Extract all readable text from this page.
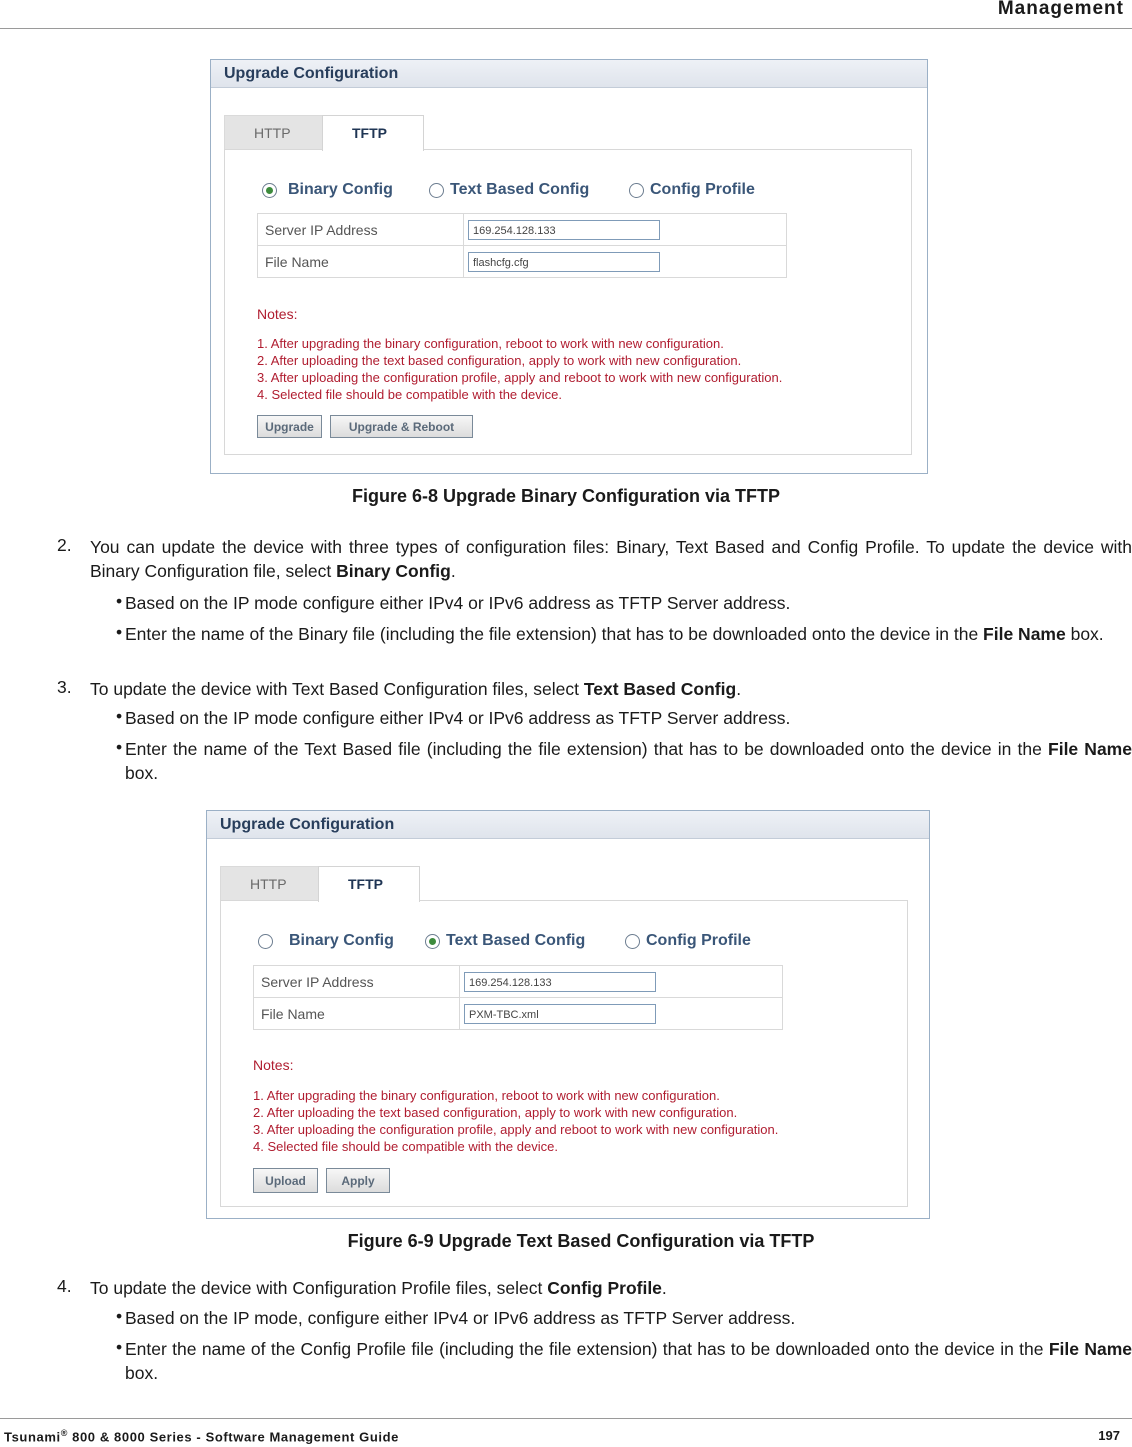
Management
Upgrade Configuration
HTTP	TFTP
Binary Config	Text Based Config	Config Profile
Server IP Address	169.254.128.133

File Name	flashcfg.cfg
Notes:
1. After upgrading the binary configuration, reboot to work with new configuration.
2. After uploading the text based configuration, apply to work with new configuration.
3. After uploading the configuration profile, apply and reboot to work with new configuration.
4. Selected file should be compatible with the device.
Upgrade	Upgrade & Reboot
Figure 6-8 Upgrade Binary Configuration via TFTP
2. You can update the device with three types of configuration files: Binary, Text Based and Config Profile. To update the device with Binary Configuration file, select Binary Config.
• Based on the IP mode configure either IPv4 or IPv6 address as TFTP Server address.
• Enter the name of the Binary file (including the file extension) that has to be downloaded onto the device in the File Name box.
3. To update the device with Text Based Configuration files, select Text Based Config.
• Based on the IP mode configure either IPv4 or IPv6 address as TFTP Server address.
• Enter the name of the Text Based file (including the file extension) that has to be downloaded onto the device in the File Name box.
Upgrade Configuration
HTTP	TFTP
Binary Config	Text Based Config	Config Profile
Server IP Address	169.254.128.133

File Name	PXM-TBC.xml
Notes:
1. After upgrading the binary configuration, reboot to work with new configuration.
2. After uploading the text based configuration, apply to work with new configuration.
3. After uploading the configuration profile, apply and reboot to work with new configuration.
4. Selected file should be compatible with the device.
Upload	Apply
Figure 6-9 Upgrade Text Based Configuration via TFTP
4. To update the device with Configuration Profile files, select Config Profile.
• Based on the IP mode, configure either IPv4 or IPv6 address as TFTP Server address.
• Enter the name of the Config Profile file (including the file extension) that has to be downloaded onto the device in the File Name box.
Tsunami® 800 & 8000 Series - Software Management Guide	197
